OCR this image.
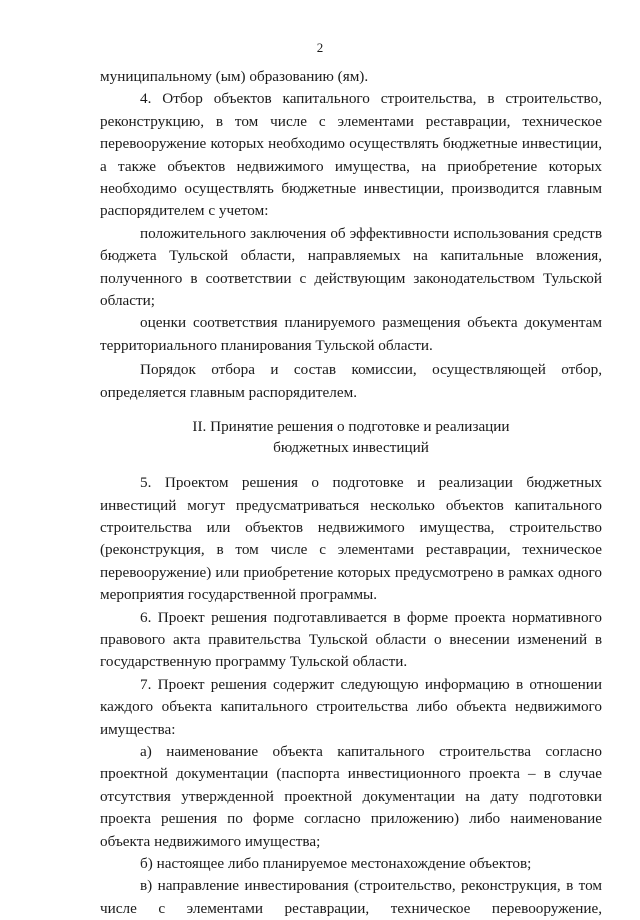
2

муниципальному (ым) образованию (ям).

4. Отбор объектов капитального строительства, в строительство, реконструкцию, в том числе с элементами реставрации, техническое перевооружение которых необходимо осуществлять бюджетные инвестиции, а также объектов недвижимого имущества, на приобретение которых необходимо осуществлять бюджетные инвестиции, производится главным распорядителем с учетом:

положительного заключения об эффективности использования средств бюджета Тульской области, направляемых на капитальные вложения, полученного в соответствии с действующим законодательством Тульской области;

оценки соответствия планируемого размещения объекта документам территориального планирования Тульской области.

Порядок отбора и состав комиссии, осуществляющей отбор, определяется главным распорядителем.

II. Принятие решения о подготовке и реализации
бюджетных инвестиций

5. Проектом решения о подготовке и реализации бюджетных инвестиций могут предусматриваться несколько объектов капитального строительства или объектов недвижимого имущества, строительство (реконструкция, в том числе с элементами реставрации, техническое перевооружение) или приобретение которых предусмотрено в рамках одного мероприятия государственной программы.

6. Проект решения подготавливается в форме проекта нормативного правового акта правительства Тульской области о внесении изменений в государственную программу Тульской области.

7. Проект решения содержит следующую информацию в отношении каждого объекта капитального строительства либо объекта недвижимого имущества:

а) наименование объекта капитального строительства согласно проектной документации (паспорта инвестиционного проекта – в случае отсутствия утвержденной проектной документации на дату подготовки проекта решения по форме согласно приложению) либо наименование объекта недвижимого имущества;

б) настоящее либо планируемое местонахождение объектов;

в) направление инвестирования (строительство, реконструкция, в том числе с элементами реставрации, техническое перевооружение,
